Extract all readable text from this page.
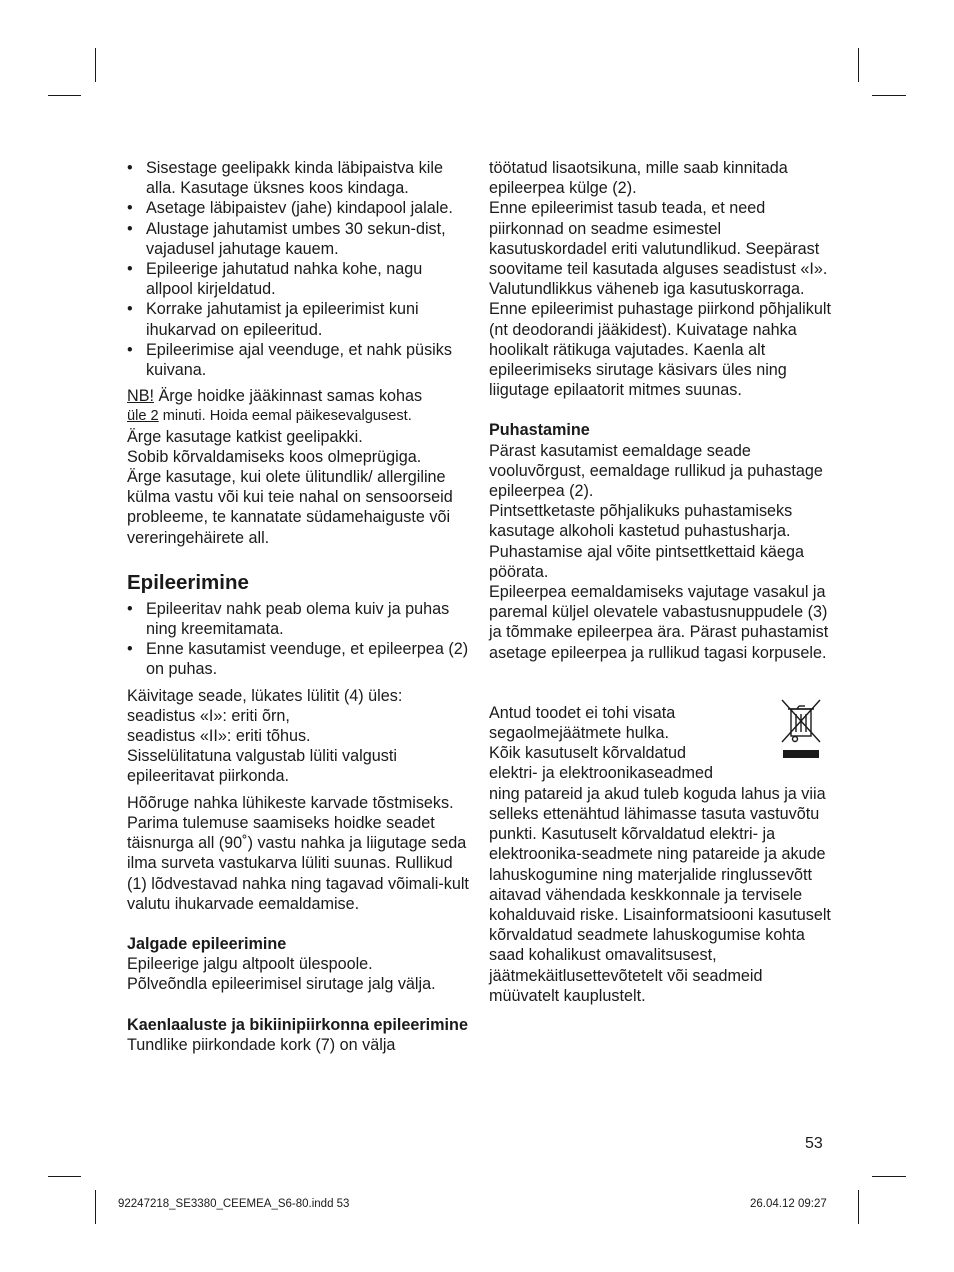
• Sisestage geelipakk kinda läbipaistva kile alla. Kasutage üksnes koos kindaga.
• Asetage läbipaistev (jahe) kindapool jalale.
• Alustage jahutamist umbes 30 sekun-dist, vajadusel jahutage kauem.
• Epileerige jahutatud nahka kohe, nagu allpool kirjeldatud.
• Korrake jahutamist ja epileerimist kuni ihukarvad on epileeritud.
• Epileerimise ajal veenduge, et nahk püsiks kuivana.

NB! Ärge hoidke jääkinnast samas kohas

üle 2 minuti. Hoida eemal päikesevalgusest.

Ärge kasutage katkist geelipakki.

Sobib kõrvaldamiseks koos olmeprügiga.

Ärge kasutage, kui olete ülitundlik/ allergiline külma vastu või kui teie nahal on sensoorseid probleeme, te kannatate südamehaiguste või vereringehäirete all.

Epileerimine
• Epileeritav nahk peab olema kuiv ja puhas ning kreemitamata.
• Enne kasutamist veenduge, et epileerpea (2) on puhas.

Käivitage seade, lükates lülitit (4) üles:

seadistus «I»: eriti õrn,

seadistus «II»: eriti tõhus.

Sisselülitatuna valgustab lüliti valgusti epileeritavat piirkonda.

Hõõruge nahka lühikeste karvade tõstmiseks. Parima tulemuse saamiseks hoidke seadet täisnurga all (90˚) vastu nahka ja liigutage seda ilma surveta vastukarva lüliti suunas. Rullikud (1) lõdvestavad nahka ning tagavad võimali-kult valutu ihukarvade eemaldamise.

Jalgade epileerimine

Epileerige jalgu altpoolt ülespoole.

Põlveõndla epileerimisel sirutage jalg välja.

Kaenlaaluste ja bikiinipiirkonna epileerimine

Tundlike piirkondade kork (7) on välja

töötatud lisaotsikuna, mille saab kinnitada epileerpea külge (2).

Enne epileerimist tasub teada, et need piirkonnad on seadme esimestel kasutuskordadel eriti valutundlikud. Seepärast soovitame teil kasutada alguses seadistust «I». Valutundlikkus väheneb iga kasutuskorraga.

Enne epileerimist puhastage piirkond põhjalikult (nt deodorandi jääkidest). Kuivatage nahka hoolikalt rätikuga vajutades. Kaenla alt epileerimiseks sirutage käsivars üles ning liigutage epilaatorit mitmes suunas.

Puhastamine

Pärast kasutamist eemaldage seade vooluvõrgust, eemaldage rullikud ja puhastage epileerpea (2).

Pintsettketaste põhjalikuks puhastamiseks kasutage alkoholi kastetud puhastusharja. Puhastamise ajal võite pintsettkettaid käega pöörata.

Epileerpea eemaldamiseks vajutage vasakul ja paremal küljel olevatele vabastusnuppudele (3) ja tõmmake epileerpea ära. Pärast puhastamist asetage epileerpea ja rullikud tagasi korpusele.

Antud toodet ei tohi visata

segaolmejäätmete hulka.

Kõik kasutuselt kõrvaldatud

elektri- ja elektroonikaseadmed

ning patareid ja akud tuleb koguda lahus ja viia selleks ettenähtud lähimasse tasuta vastuvõtu punkti. Kasutuselt kõrvaldatud elektri- ja elektroonika-seadmete ning patareide ja akude lahuskogumine ning materjalide ringlussevõtt aitavad vähendada keskkonnale ja tervisele kohalduvaid riske. Lisainformatsiooni kasutuselt kõrvaldatud seadmete lahuskogumise kohta saad kohalikust omavalitsusest, jäätmekäitlusettevõtetelt või seadmeid müüvatelt kauplustelt.

53
92247218_SE3380_CEEMEA_S6-80.indd 53	26.04.12 09:27
